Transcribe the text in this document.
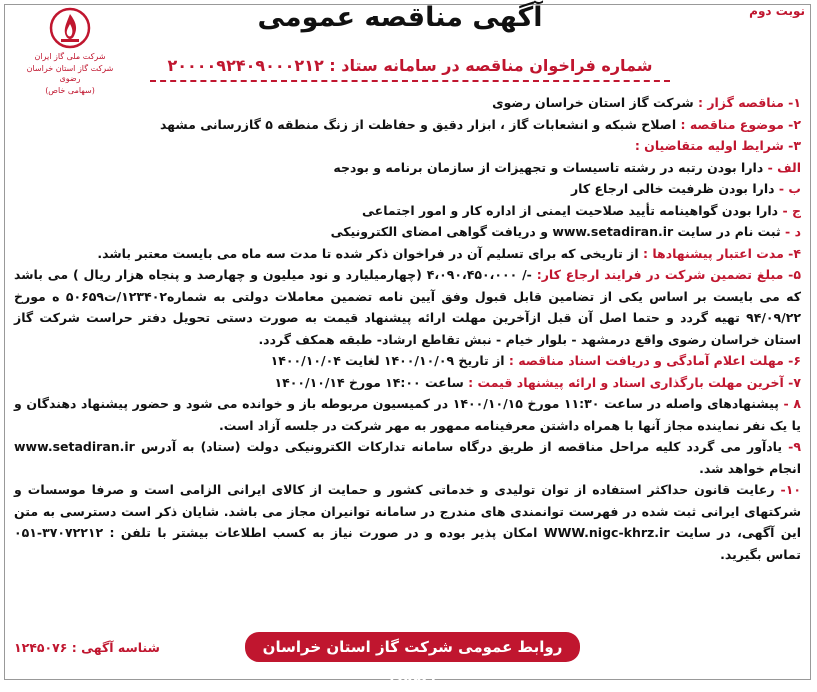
نوبت دوم
آگهی مناقصه عمومی
شرکت ملی گاز ایران
شرکت گاز استان خراسان رضوی
(سهامی خاص)
شماره فراخوان مناقصه در سامانه ستاد : ۲۰۰۰۰۹۲۴۰۹۰۰۰۲۱۲

۱- مناقصه گزار : شرکت گاز استان خراسان رضوی

۲- موضوع مناقصه : اصلاح شبکه و انشعابات گاز ، ابزار دقیق و حفاظت از زنگ منطقه ۵ گازرسانی مشهد

۳- شرایط اولیه متقاضیان :

الف - دارا بودن رتبه در رشته تاسیسات و تجهیزات از سازمان برنامه و بودجه

ب - دارا بودن ظرفیت خالی ارجاع کار

ج - دارا بودن گواهینامه تأیید صلاحیت ایمنی از اداره کار و امور اجتماعی

د - ثبت نام در سایت www.setadiran.ir و دریافت گواهی امضای الکترونیکی

۴- مدت اعتبار پیشنهادها : از تاریخی که برای تسلیم آن در فراخوان ذکر شده تا مدت سه ماه می بایست معتبر باشد.

۵- مبلغ تضمین شرکت در فرایند ارجاع کار: -/ ۴،۰۹۰،۴۵۰،۰۰۰ (چهارمیلیارد و نود میلیون و چهارصد و پنجاه هزار ریال ) می باشد که می بایست بر اساس یکی از تضامین قابل قبول وفق آیین نامه تضمین معاملات دولتی به شماره۱۲۳۴۰۲/ت۵۰۶۵۹ ه مورخ ۹۴/۰۹/۲۲ تهیه گردد و حتما اصل آن قبل ازآخرین مهلت ارائه پیشنهاد قیمت به صورت دستی تحویل دفتر حراست شرکت گاز استان خراسان رضوی واقع درمشهد - بلوار خیام - نبش تقاطع ارشاد- طبقه همکف گردد.

۶- مهلت اعلام آمادگی و دریافت اسناد مناقصه : از تاریخ ۱۴۰۰/۱۰/۰۹ لغایت ۱۴۰۰/۱۰/۰۴

۷- آخرین مهلت بارگذاری اسناد و ارائه پیشنهاد قیمت : ساعت ۱۴:۰۰ مورخ ۱۴۰۰/۱۰/۱۴

۸ - پیشنهادهای واصله در ساعت ۱۱:۳۰ مورخ ۱۴۰۰/۱۰/۱۵ در کمیسیون مربوطه باز و خوانده می شود و حضور پیشنهاد دهندگان و یا یک نفر نماینده مجاز آنها با همراه داشتن معرفینامه ممهور به مهر شرکت در جلسه آزاد است.

۹- یادآور می گردد کلیه مراحل مناقصه از طریق درگاه سامانه تدارکات الکترونیکی دولت (ستاد) به آدرس www.setadiran.ir انجام خواهد شد.

۱۰- رعایت قانون حداکثر استفاده از توان تولیدی و خدماتی کشور و حمایت از کالای ایرانی الزامی است و صرفا موسسات و شرکتهای ایرانی ثبت شده در فهرست توانمندی های مندرج در سامانه توانیران مجاز می باشد. شایان ذکر است دسترسی به متن این آگهی، در سایت WWW.nigc-khrz.ir امکان پذیر بوده و در صورت نیاز به کسب اطلاعات بیشتر با تلفن : ۳۷۰۷۲۲۱۲-۰۵۱ تماس بگیرید.

روابط عمومی شرکت گاز استان خراسان رضوی
شناسه آگهی : ۱۲۴۵۰۷۶
